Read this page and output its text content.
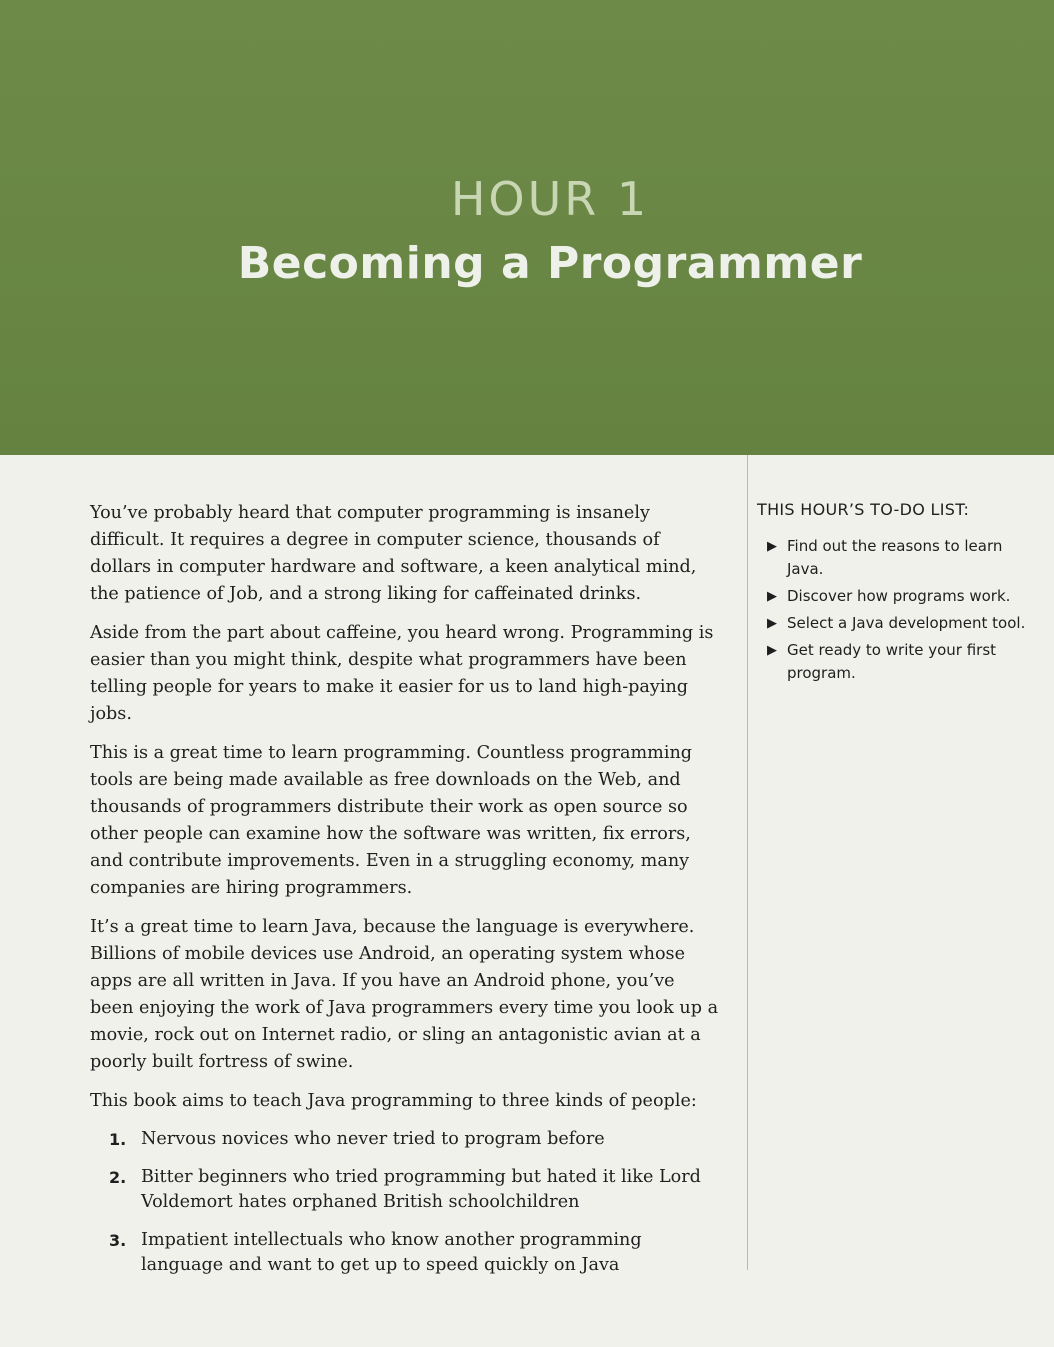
HOUR 1
Becoming a Programmer

You’ve probably heard that computer programming is insanely difficult. It requires a degree in computer science, thousands of dollars in computer hardware and software, a keen analytical mind, the patience of Job, and a strong liking for caffeinated drinks.

Aside from the part about caffeine, you heard wrong. Programming is easier than you might think, despite what programmers have been telling people for years to make it easier for us to land high-paying jobs.

This is a great time to learn programming. Countless programming tools are being made available as free downloads on the Web, and thousands of programmers distribute their work as open source so other people can examine how the software was written, fix errors, and contribute improvements. Even in a struggling economy, many companies are hiring programmers.

It’s a great time to learn Java, because the language is everywhere. Billions of mobile devices use Android, an operating system whose apps are all written in Java. If you have an Android phone, you’ve been enjoying the work of Java programmers every time you look up a movie, rock out on Internet radio, or sling an antagonistic avian at a poorly built fortress of swine.

This book aims to teach Java programming to three kinds of people:

1. Nervous novices who never tried to program before
2. Bitter beginners who tried programming but hated it like Lord Voldemort hates orphaned British schoolchildren
3. Impatient intellectuals who know another programming language and want to get up to speed quickly on Java
THIS HOUR’S TO-DO LIST:
▶ Find out the reasons to learn Java.
▶ Discover how programs work.
▶ Select a Java development tool.
▶ Get ready to write your first program.
